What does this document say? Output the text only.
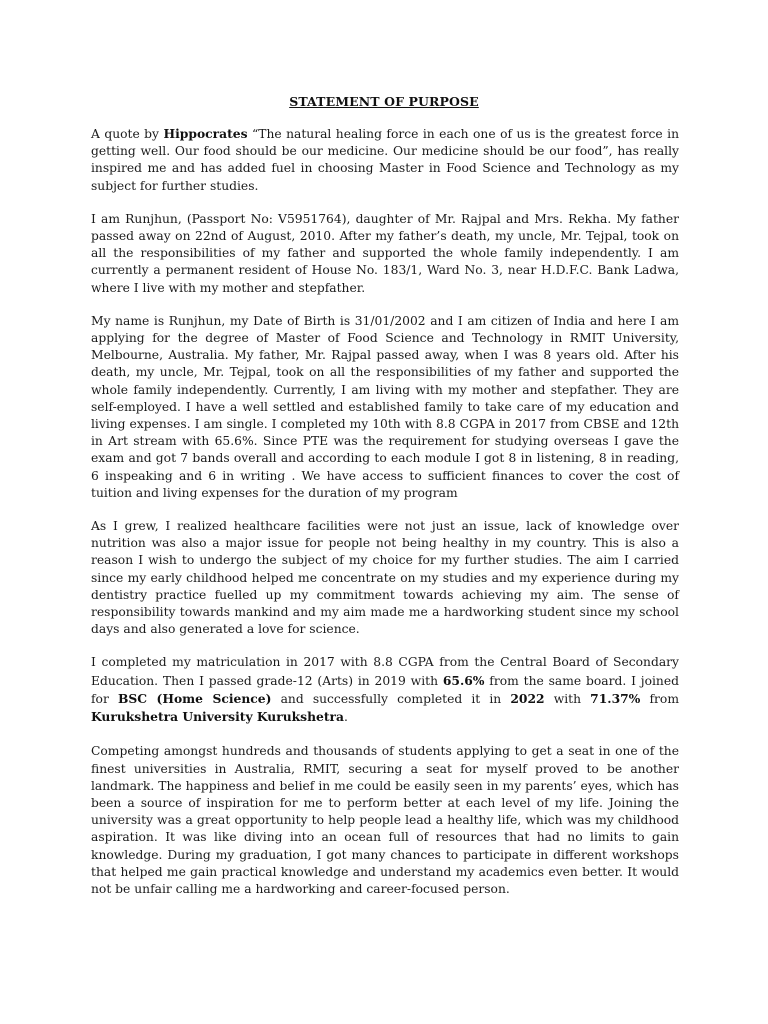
STATEMENT OF PURPOSE

A quote by Hippocrates “The natural healing force in each one of us is the greatest force in getting well. Our food should be our medicine. Our medicine should be our food”, has really inspired me and has added fuel in choosing Master in Food Science and Technology as my subject for further studies.

I am Runjhun, (Passport No: V5951764), daughter of Mr. Rajpal and Mrs. Rekha. My father passed away on 22nd of August, 2010. After my father’s death, my uncle, Mr. Tejpal, took on all the responsibilities of my father and supported the whole family independently. I am currently a permanent resident of House No. 183/1, Ward No. 3, near H.D.F.C. Bank Ladwa, where I live with my mother and stepfather.

My name is Runjhun, my Date of Birth is 31/01/2002 and I am citizen of India and here I am applying for the degree of Master of Food Science and Technology in RMIT University, Melbourne, Australia. My father, Mr. Rajpal passed away, when I was 8 years old. After his death, my uncle, Mr. Tejpal, took on all the responsibilities of my father and supported the whole family independently. Currently, I am living with my mother and stepfather. They are self-employed. I have a well settled and established family to take care of my education and living expenses. I am single. I completed my 10th with 8.8 CGPA in 2017 from CBSE and 12th in Art stream with 65.6%. Since PTE was the requirement for studying overseas I gave the exam and got 7 bands overall and according to each module I got 8 in listening, 8 in reading, 6 inspeaking and 6 in writing . We have access to sufficient finances to cover the cost of tuition and living expenses for the duration of my program

As I grew, I realized healthcare facilities were not just an issue, lack of knowledge over nutrition was also a major issue for people not being healthy in my country. This is also a reason I wish to undergo the subject of my choice for my further studies. The aim I carried since my early childhood helped me concentrate on my studies and my experience during my dentistry practice fuelled up my commitment towards achieving my aim. The sense of responsibility towards mankind and my aim made me a hardworking student since my school days and also generated a love for science.

I completed my matriculation in 2017 with 8.8 CGPA from the Central Board of Secondary Education. Then I passed grade-12 (Arts) in 2019 with 65.6% from the same board. I joined for BSC (Home Science) and successfully completed it in 2022 with 71.37% from Kurukshetra University Kurukshetra.

Competing amongst hundreds and thousands of students applying to get a seat in one of the finest universities in Australia, RMIT, securing a seat for myself proved to be another landmark. The happiness and belief in me could be easily seen in my parents’ eyes, which has been a source of inspiration for me to perform better at each level of my life. Joining the university was a great opportunity to help people lead a healthy life, which was my childhood aspiration. It was like diving into an ocean full of resources that had no limits to gain knowledge. During my graduation, I got many chances to participate in different workshops that helped me gain practical knowledge and understand my academics even better. It would not be unfair calling me a hardworking and career-focused person.
